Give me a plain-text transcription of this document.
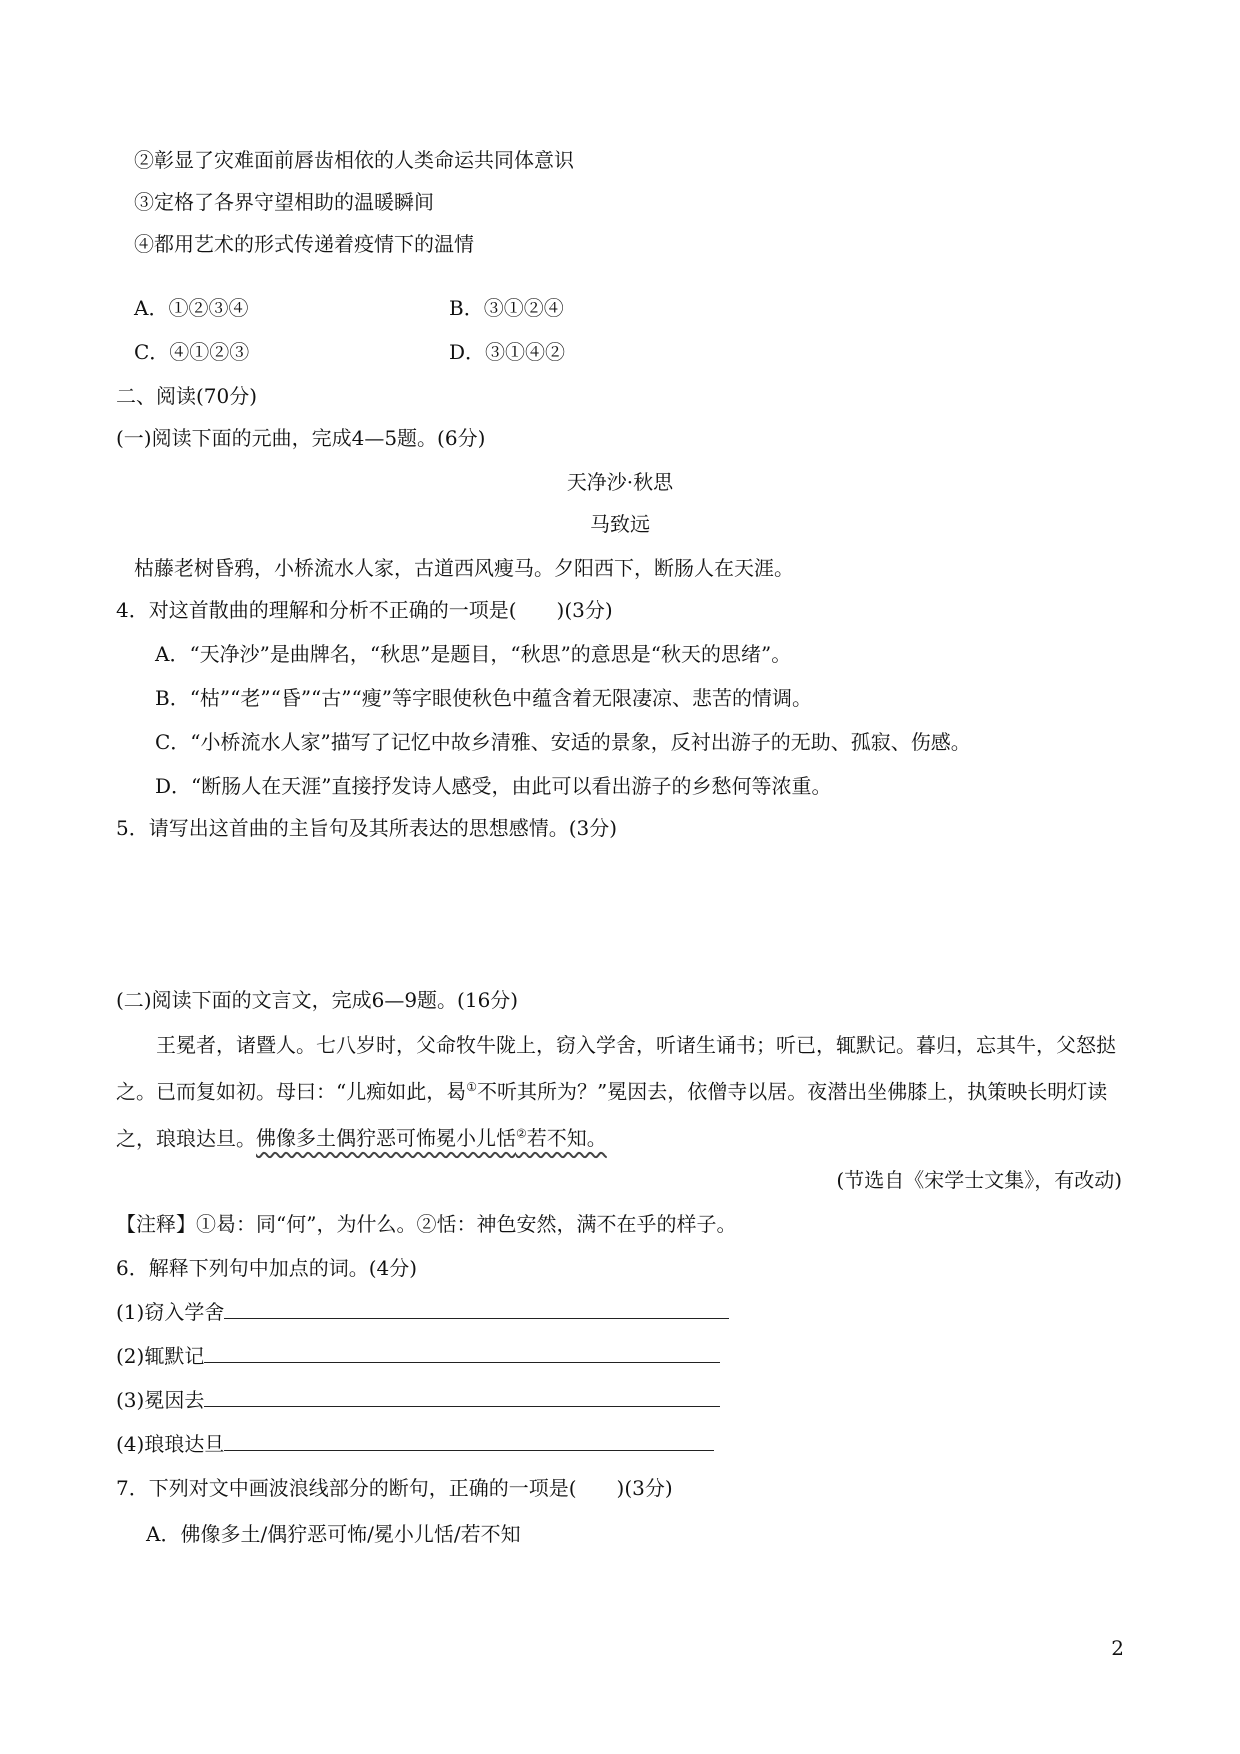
②彰显了灾难面前唇齿相依的人类命运共同体意识
③定格了各界守望相助的温暖瞬间
④都用艺术的形式传递着疫情下的温情
A．①②③④	B．③①②④
C．④①②③	D．③①④②
二、阅读(70分)
(一)阅读下面的元曲，完成4—5题。(6分)
天净沙·秋思
马致远
枯藤老树昏鸦，小桥流水人家，古道西风瘦马。夕阳西下，断肠人在天涯。
4．对这首散曲的理解和分析不正确的一项是(　　)(3分)
A．“天净沙”是曲牌名，“秋思”是题目，“秋思”的意思是“秋天的思绪”。
B．“枯”“老”“昏”“古”“瘦”等字眼使秋色中蕴含着无限凄凉、悲苦的情调。
C．“小桥流水人家”描写了记忆中故乡清雅、安适的景象，反衬出游子的无助、孤寂、伤感。
D．“断肠人在天涯”直接抒发诗人感受，由此可以看出游子的乡愁何等浓重。
5．请写出这首曲的主旨句及其所表达的思想感情。(3分)
(二)阅读下面的文言文，完成6—9题。(16分)
王冕者，诸暨人。七八岁时，父命牧牛陇上，窃入学舍，听诸生诵书；听已，辄默记。暮归，忘其牛，父怒挞之。已而复如初。母曰：“儿痴如此，曷①不听其所为？”冕因去，依僧寺以居。夜潜出坐佛膝上，执策映长明灯读之，琅琅达旦。佛像多土偶狞恶可怖冕小儿恬②若不知。
(节选自《宋学士文集》，有改动)
【注释】①曷：同“何”，为什么。②恬：神色安然，满不在乎的样子。
6．解释下列句中加点的词。(4分)
(1)窃入学舍
(2)辄默记
(3)冕因去
(4)琅琅达旦
7．下列对文中画波浪线部分的断句，正确的一项是(　　)(3分)
A．佛像多土/偶狞恶可怖/冕小儿恬/若不知
2
